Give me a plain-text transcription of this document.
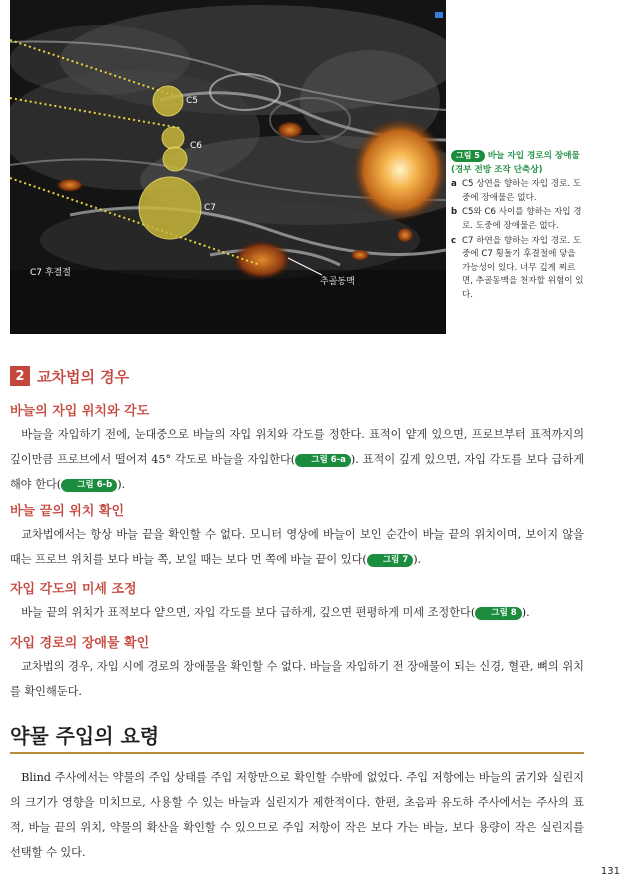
C5
C6
C7
C7 후결절
추골동맥
그림 5 바늘 자입 경로의 장애물(경부 전방 조작 단축상)
a C5 상연을 향하는 자입 경로. 도중에 장애물은 없다.
b C5와 C6 사이를 향하는 자입 경로. 도중에 장애물은 없다.
c C7 하연을 향하는 자입 경로. 도중에 C7 횡돌기 후결절에 닿을 가능성이 있다. 너무 깊게 찌르면, 추골동맥을 천자할 위험이 있다.
2 교차법의 경우
바늘의 자입 위치와 각도
바늘을 자입하기 전에, 눈대중으로 바늘의 자입 위치와 각도를 정한다. 표적이 얕게 있으면, 프로브부터 표적까지의 깊이만큼 프로브에서 떨어져 45° 각도로 바늘을 자입한다( 그림 6-a ). 표적이 깊게 있으면, 자입 각도를 보다 급하게 해야 한다( 그림 6-b ).
바늘 끝의 위치 확인
교차법에서는 항상 바늘 끝을 확인할 수 없다. 모니터 영상에 바늘이 보인 순간이 바늘 끝의 위치이며, 보이지 않을 때는 프로브 위치를 보다 바늘 쪽, 보일 때는 보다 먼 쪽에 바늘 끝이 있다( 그림 7 ).
자입 각도의 미세 조정
바늘 끝의 위치가 표적보다 얕으면, 자입 각도를 보다 급하게, 깊으면 편평하게 미세 조정한다( 그림 8 ).
자입 경로의 장애물 확인
교차법의 경우, 자입 시에 경로의 장애물을 확인할 수 없다. 바늘을 자입하기 전 장애물이 되는 신경, 혈관, 뼈의 위치를 확인해둔다.
약물 주입의 요령
Blind 주사에서는 약물의 주입 상태를 주입 저항만으로 확인할 수밖에 없었다. 주입 저항에는 바늘의 굵기와 실린지의 크기가 영향을 미치므로, 사용할 수 있는 바늘과 실린지가 제한적이다. 한편, 초음파 유도하 주사에서는 주사의 표적, 바늘 끝의 위치, 약물의 확산을 확인할 수 있으므로 주입 저항이 작은 보다 가는 바늘, 보다 용량이 작은 실린지를 선택할 수 있다.
131
